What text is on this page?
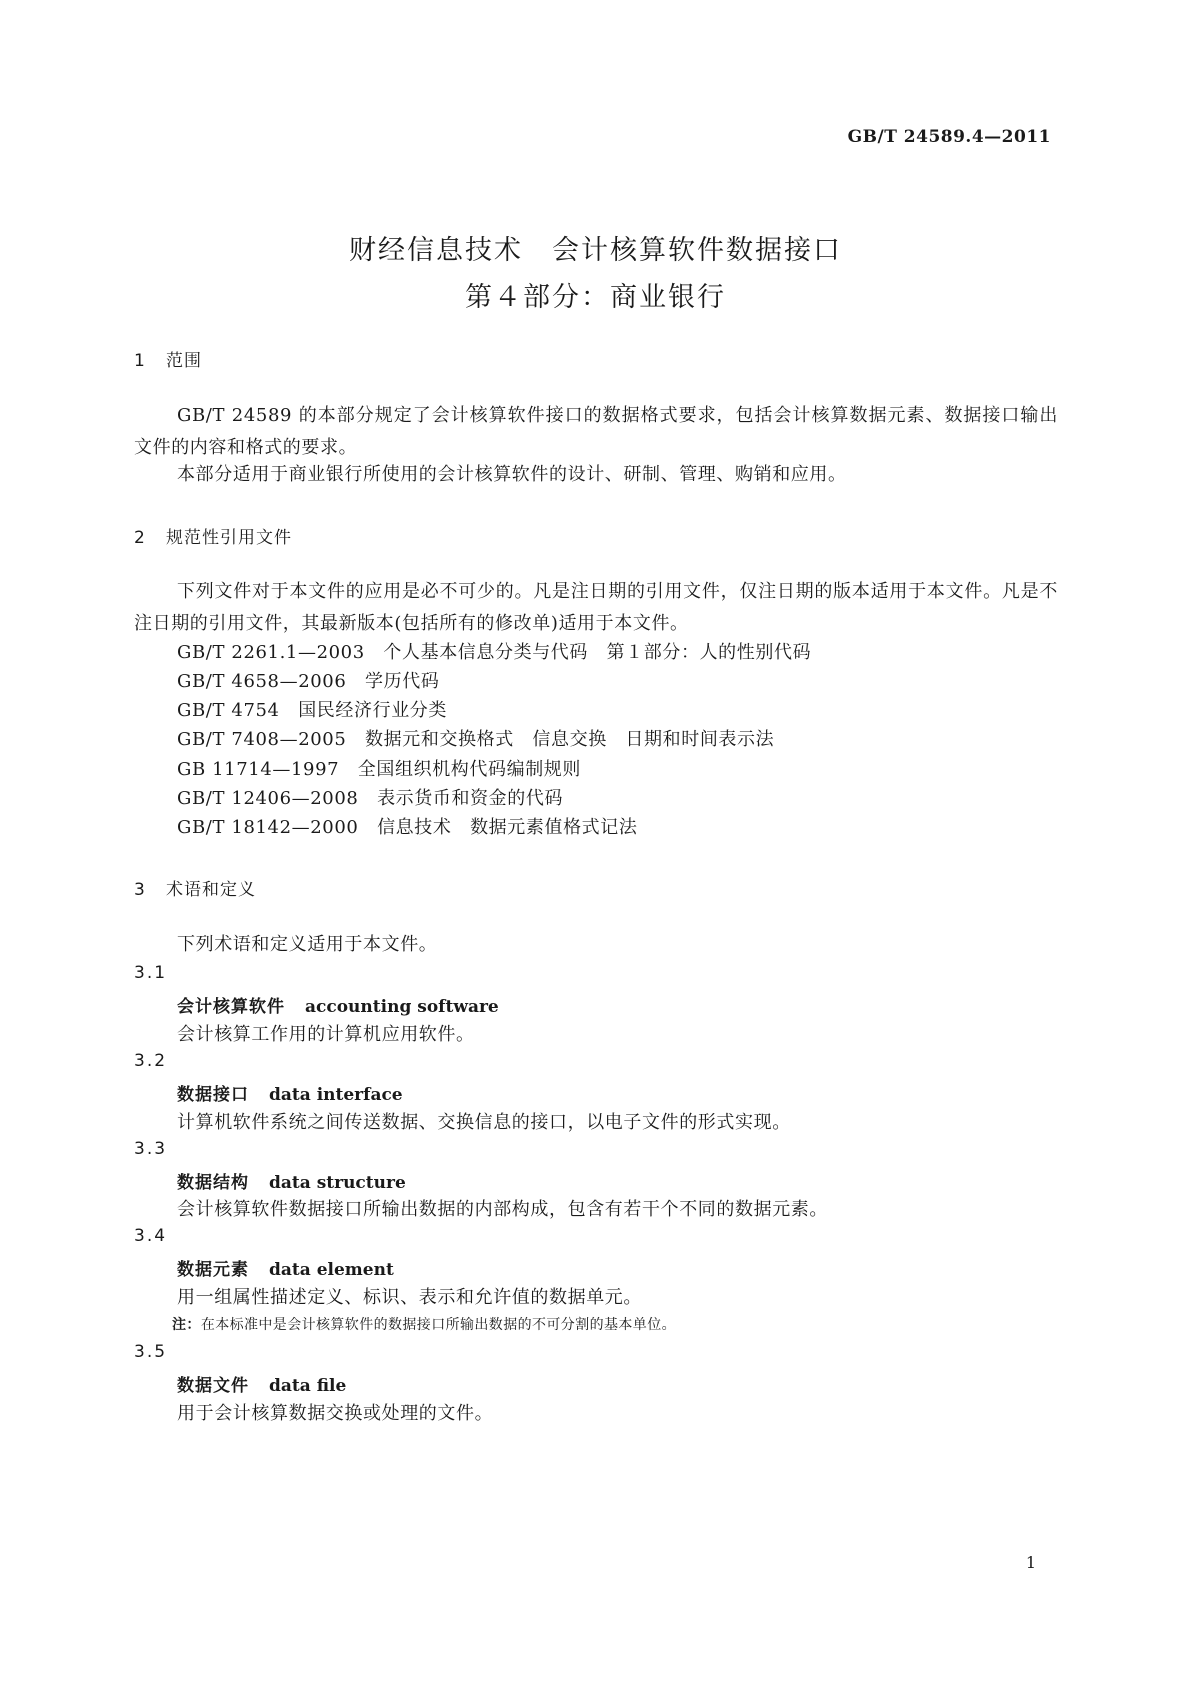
GB/T 24589.4—2011
财经信息技术　会计核算软件数据接口
第４部分：商业银行
1 范围

GB/T 24589 的本部分规定了会计核算软件接口的数据格式要求，包括会计核算数据元素、数据接口输出文件的内容和格式的要求。

本部分适用于商业银行所使用的会计核算软件的设计、研制、管理、购销和应用。

2 规范性引用文件

下列文件对于本文件的应用是必不可少的。凡是注日期的引用文件，仅注日期的版本适用于本文件。凡是不注日期的引用文件，其最新版本(包括所有的修改单)适用于本文件。

GB/T 2261.1—2003　个人基本信息分类与代码　第１部分：人的性别代码
GB/T 4658—2006　学历代码
GB/T 4754　国民经济行业分类
GB/T 7408—2005　数据元和交换格式　信息交换　日期和时间表示法
GB 11714—1997　全国组织机构代码编制规则
GB/T 12406—2008　表示货币和资金的代码
GB/T 18142—2000　信息技术　数据元素值格式记法
3 术语和定义
下列术语和定义适用于本文件。
3.1
会计核算软件 accounting software
会计核算工作用的计算机应用软件。
3.2
数据接口 data interface
计算机软件系统之间传送数据、交换信息的接口，以电子文件的形式实现。
3.3
数据结构 data structure
会计核算软件数据接口所输出数据的内部构成，包含有若干个不同的数据元素。
3.4
数据元素 data element
用一组属性描述定义、标识、表示和允许值的数据单元。
注：在本标准中是会计核算软件的数据接口所输出数据的不可分割的基本单位。
3.5
数据文件 data file
用于会计核算数据交换或处理的文件。
1
